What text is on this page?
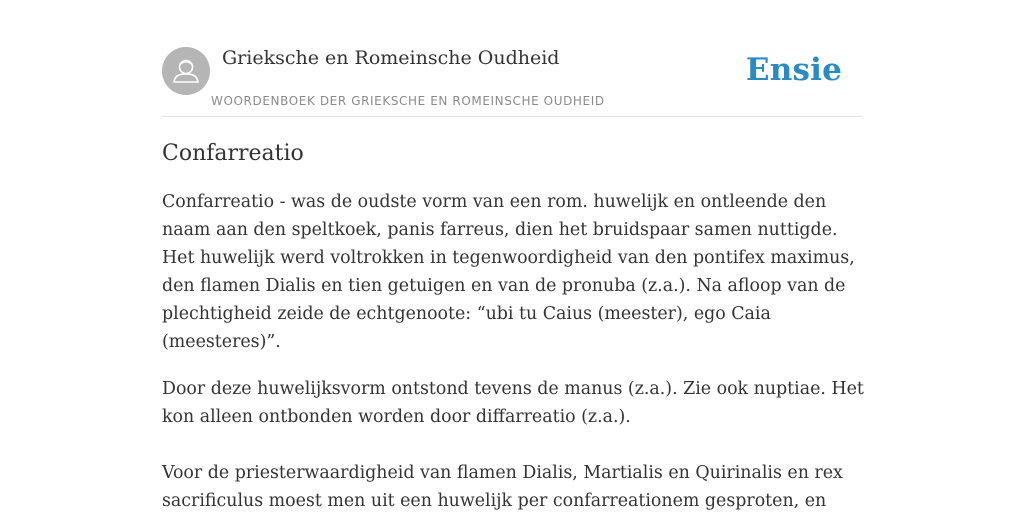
Grieksche en Romeinsche Oudheid
WOORDENBOEK DER GRIEKSCHE EN ROMEINSCHE OUDHEID
Ensie
Confarreatio

Confarreatio - was de oudste vorm van een rom. huwelijk en ontleende den naam aan den speltkoek, panis farreus, dien het bruidspaar samen nuttigde. Het huwelijk werd voltrokken in tegenwoordigheid van den pontifex maximus, den flamen Dialis en tien getuigen en van de pronuba (z.a.). Na afloop van de plechtigheid zeide de echtgenoote: “ubi tu Caius (meester), ego Caia (meesteres)”.

Door deze huwelijksvorm ontstond tevens de manus (z.a.). Zie ook nuptiae. Het kon alleen ontbonden worden door diffarreatio (z.a.).

Voor de priesterwaardigheid van flamen Dialis, Martialis en Quirinalis en rex sacrificulus moest men uit een huwelijk per confarreationem gesproten, en
